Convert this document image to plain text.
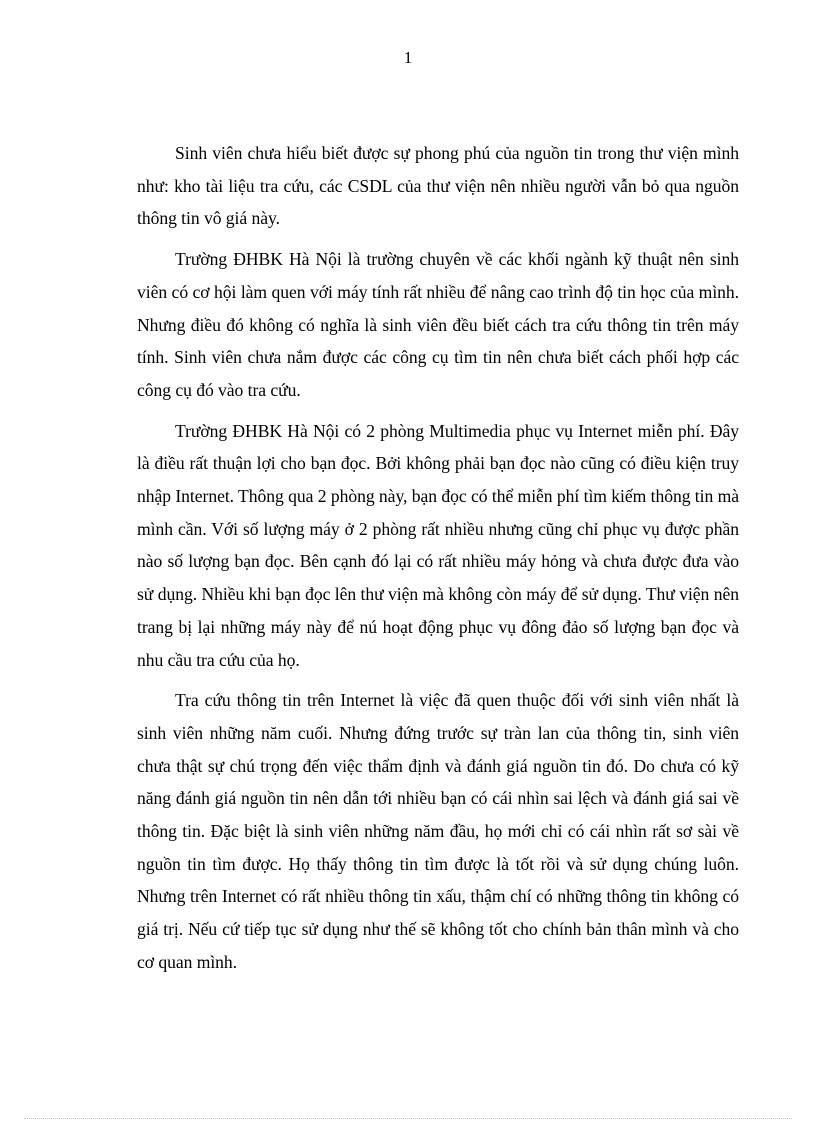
1

Sinh viên chưa hiểu biết được sự phong phú của nguồn tin trong thư viện mình như: kho tài liệu tra cứu, các CSDL của thư viện nên nhiều người vẫn bỏ qua nguồn thông tin vô giá này.

Trường ĐHBK Hà Nội là trường chuyên về các khối ngành kỹ thuật nên sinh viên có cơ hội làm quen với máy tính rất nhiều để nâng cao trình độ tin học của mình. Nhưng điều đó không có nghĩa là sinh viên đều biết cách tra cứu thông tin trên máy tính. Sinh viên chưa nắm được các công cụ tìm tin nên chưa biết cách phối hợp các công cụ đó vào tra cứu.

Trường ĐHBK Hà Nội có 2 phòng Multimedia phục vụ Internet miễn phí. Đây là điều rất thuận lợi cho bạn đọc. Bởi không phải bạn đọc nào cũng có điều kiện truy nhập Internet. Thông qua 2 phòng này, bạn đọc có thể miễn phí tìm kiếm thông tin mà mình cần. Với số lượng máy ở 2 phòng rất nhiều nhưng cũng chỉ phục vụ được phần nào số lượng bạn đọc. Bên cạnh đó lại có rất nhiều máy hỏng và chưa được đưa vào sử dụng. Nhiều khi bạn đọc lên thư viện mà không còn máy để sử dụng. Thư viện nên trang bị lại những máy này để nú hoạt động phục vụ đông đảo số lượng bạn đọc và nhu cầu tra cứu của họ.

Tra cứu thông tin trên Internet là việc đã quen thuộc đối với sinh viên nhất là sinh viên những năm cuối. Nhưng đứng trước sự tràn lan của thông tin, sinh viên chưa thật sự chú trọng đến việc thẩm định và đánh giá nguồn tin đó. Do chưa có kỹ năng đánh giá nguồn tin nên dẫn tới nhiều bạn có cái nhìn sai lệch và đánh giá sai về thông tin. Đặc biệt là sinh viên những năm đầu, họ mới chỉ có cái nhìn rất sơ sài về nguồn tin tìm được. Họ thấy thông tin tìm được là tốt rồi và sử dụng chúng luôn. Nhưng trên Internet có rất nhiều thông tin xấu, thậm chí có những thông tin không có giá trị. Nếu cứ tiếp tục sử dụng như thế sẽ không tốt cho chính bản thân mình và cho cơ quan mình.
